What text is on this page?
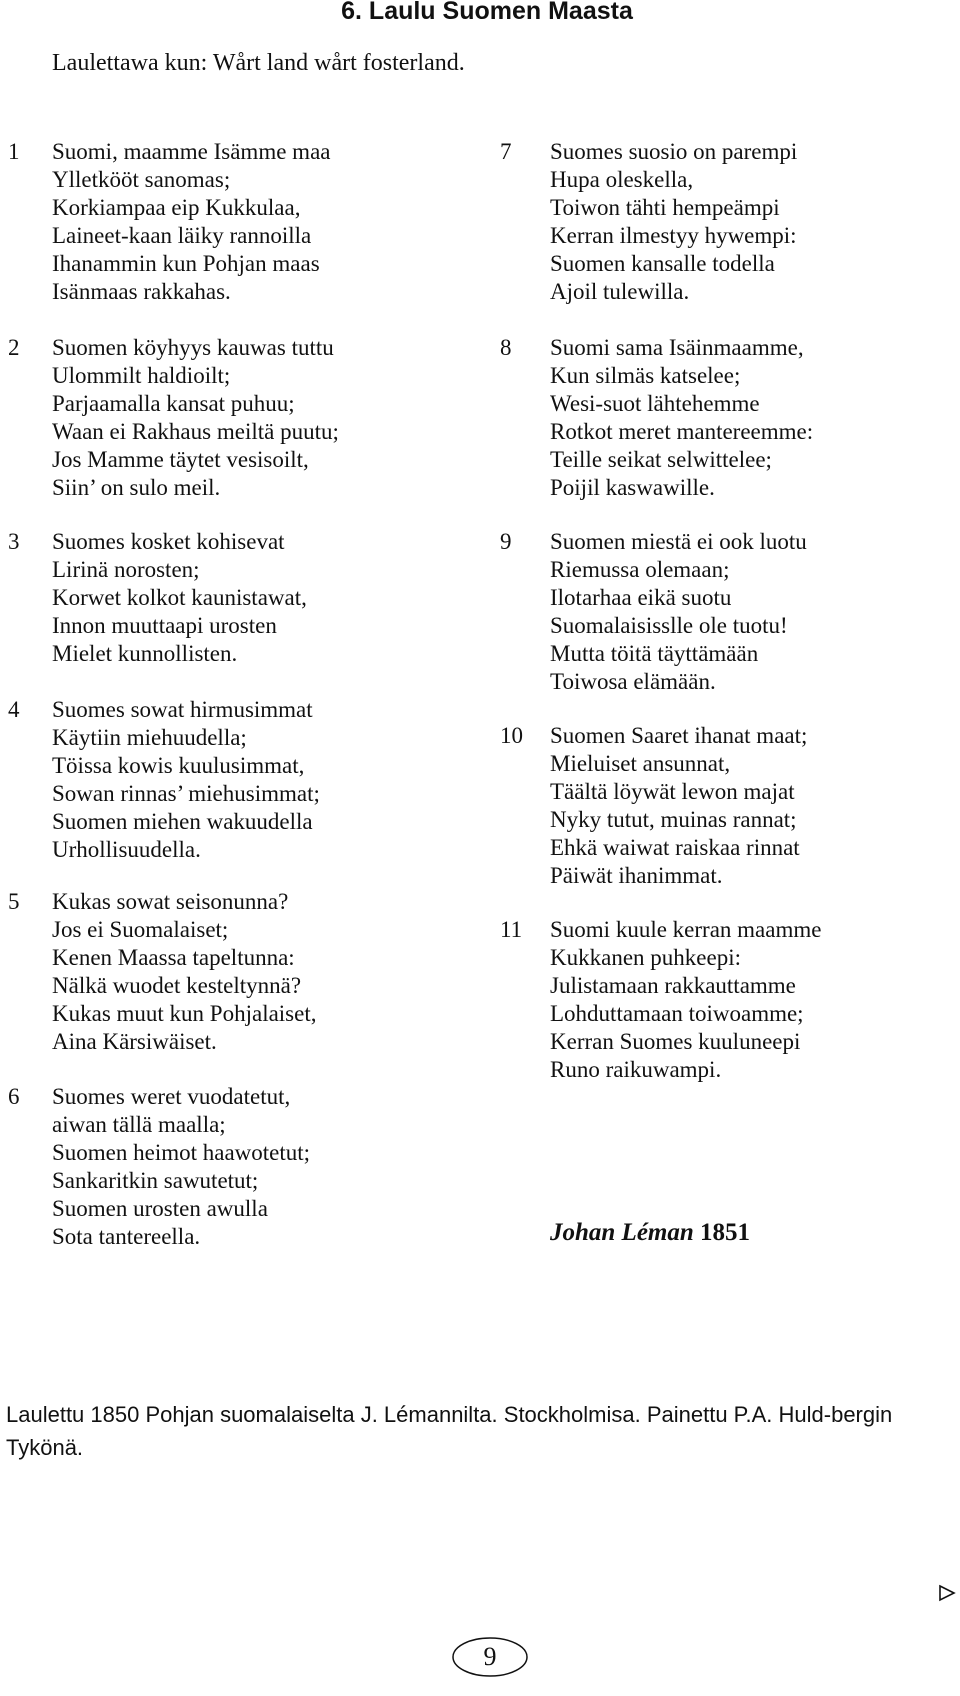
6. Laulu Suomen Maasta
Laulettawa kun: Wårt land wårt fosterland.
1 Suomi, maamme Isämme maa
Ylletkööt sanomas;
Korkiampaa eip Kukkulaa,
Laineet-kaan läiky rannoilla
Ihanammin kun Pohjan maas
Isänmaas rakkahas.
2 Suomen köyhyys kauwas tuttu
Ulommilt haldioilt;
Parjaamalla kansat puhuu;
Waan ei Rakhaus meiltä puutu;
Jos Mamme täytet vesisoilt,
Siin’ on sulo meil.
3 Suomes kosket kohisevat
Lirinä norosten;
Korwet kolkot kaunistawat,
Innon muuttaapi urosten
Mielet kunnollisten.
4 Suomes sowat hirmusimmat
Käytiin miehuudella;
Töissa kowis kuulusimmat,
Sowan rinnas’ miehusimmat;
Suomen miehen wakuudella
Urhollisuudella.
5 Kukas sowat seisonunna?
Jos ei Suomalaiset;
Kenen Maassa tapeltunna:
Nälkä wuodet kesteltynnä?
Kukas muut kun Pohjalaiset,
Aina Kärsiwäiset.
6 Suomes weret vuodatetut,
aiwan tällä maalla;
Suomen heimot haawotetut;
Sankaritkin sawutetut;
Suomen urosten awulla
Sota tantereella.
7 Suomes suosio on parempi
Hupa oleskella,
Toiwon tähti hempeämpi
Kerran ilmestyy hywempi:
Suomen kansalle todella
Ajoil tulewilla.
8 Suomi sama Isäinmaamme,
Kun silmäs katselee;
Wesi-suot lähtehemme
Rotkot meret mantereemme:
Teille seikat selwittelee;
Poijil kaswawille.
9 Suomen miestä ei ook luotu
Riemussa olemaan;
Ilotarhaa eikä suotu
Suomalaisisslle ole tuotu!
Mutta töitä täyttämään
Toiwosa elämään.
10 Suomen Saaret ihanat maat;
Mieluiset ansunnat,
Täältä löywät lewon majat
Nyky tutut, muinas rannat;
Ehkä waiwat raiskaa rinnat
Päiwät ihanimmat.
11 Suomi kuule kerran maamme
Kukkanen puhkeepi:
Julistamaan rakkauttamme
Lohduttamaan toiwoamme;
Kerran Suomes kuuluneepi
Runo raikuwampi.
Johan Léman 1851
Laulettu 1850 Pohjan suomalaiselta J. Lémannilta. Stockholmisa. Painettu P.A. Huld-bergin Tykönä.
9
